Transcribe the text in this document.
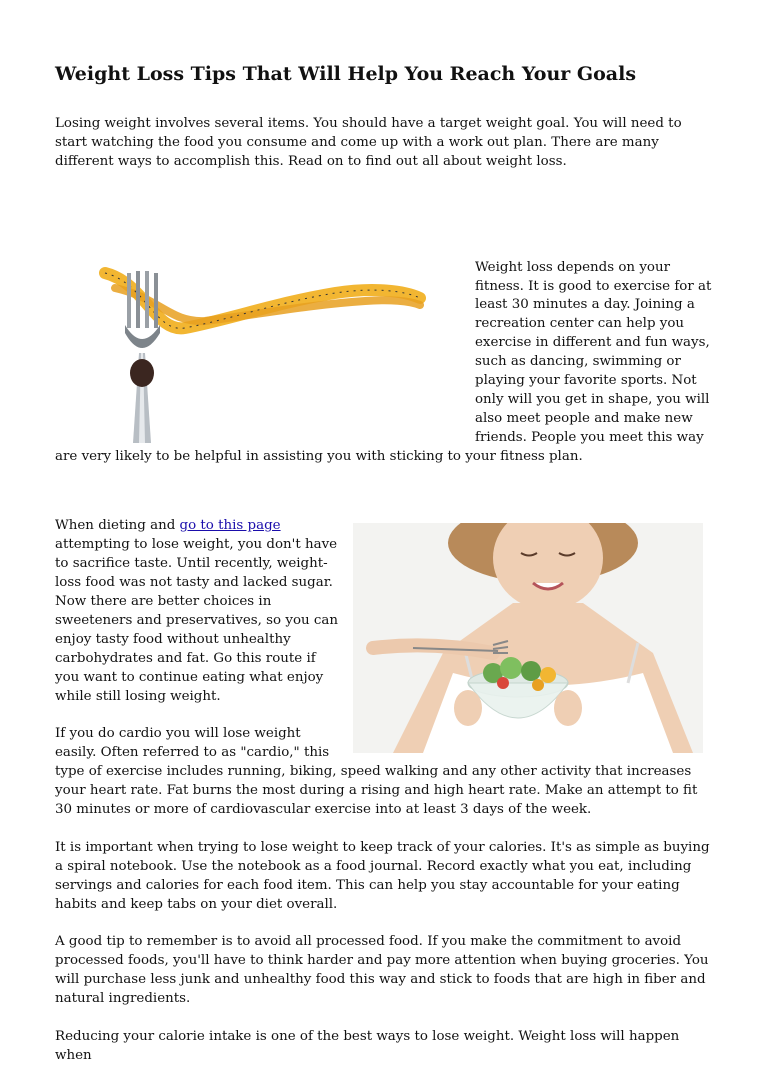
Weight Loss Tips That Will Help You Reach Your Goals

Losing weight involves several items. You should have a target weight goal. You will need to start watching the food you consume and come up with a work out plan. There are many different ways to accomplish this. Read on to find out all about weight loss.

Weight loss depends on your fitness. It is good to exercise for at least 30 minutes a day. Joining a recreation center can help you exercise in different and fun ways, such as dancing, swimming or playing your favorite sports. Not only will you get in shape, you will also meet people and make new friends. People you meet this way are very likely to be helpful in assisting you with sticking to your fitness plan.

When dieting and go to this page attempting to lose weight, you don't have to sacrifice taste. Until recently, weight-loss food was not tasty and lacked sugar. Now there are better choices in sweeteners and preservatives, so you can enjoy tasty food without unhealthy carbohydrates and fat. Go this route if you want to continue eating what enjoy while still losing weight.

If you do cardio you will lose weight easily. Often referred to as "cardio," this type of exercise includes running, biking, speed walking and any other activity that increases your heart rate. Fat burns the most during a rising and high heart rate. Make an attempt to fit 30 minutes or more of cardiovascular exercise into at least 3 days of the week.

It is important when trying to lose weight to keep track of your calories. It's as simple as buying a spiral notebook. Use the notebook as a food journal. Record exactly what you eat, including servings and calories for each food item. This can help you stay accountable for your eating habits and keep tabs on your diet overall.

A good tip to remember is to avoid all processed food. If you make the commitment to avoid processed foods, you'll have to think harder and pay more attention when buying groceries. You will purchase less junk and unhealthy food this way and stick to foods that are high in fiber and natural ingredients.

Reducing your calorie intake is one of the best ways to lose weight. Weight loss will happen when
